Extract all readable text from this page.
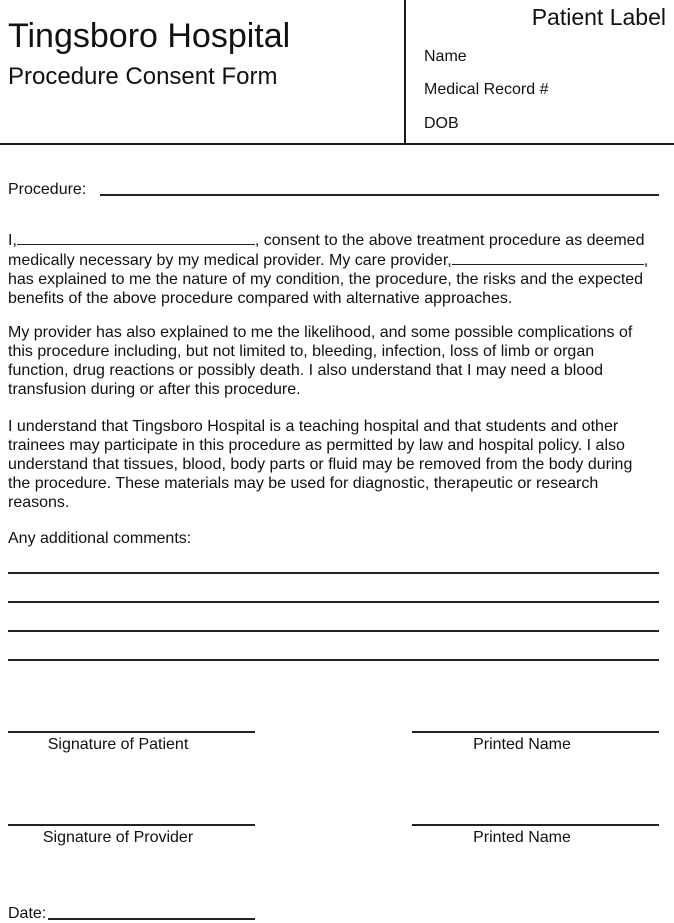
Tingsboro Hospital
Procedure Consent Form
Patient Label
Name
Medical Record #
DOB
Procedure:
I,	, consent to the above treatment procedure as deemed
medically necessary by my medical provider. My care provider,	,
has explained to me the nature of my condition, the procedure, the risks and the expected
benefits of the above procedure compared with alternative approaches.
My provider has also explained to me the likelihood, and some possible complications of
this procedure including, but not limited to, bleeding, infection, loss of limb or organ
function, drug reactions or possibly death. I also understand that I may need a blood
transfusion during or after this procedure.
I understand that Tingsboro Hospital is a teaching hospital and that students and other
trainees may participate in this procedure as permitted by law and hospital policy. I also
understand that tissues, blood, body parts or fluid may be removed from the body during
the procedure. These materials may be used for diagnostic, therapeutic or research
reasons.
Any additional comments:
Signature of Patient	Printed Name
Signature of Provider	Printed Name
Date:
